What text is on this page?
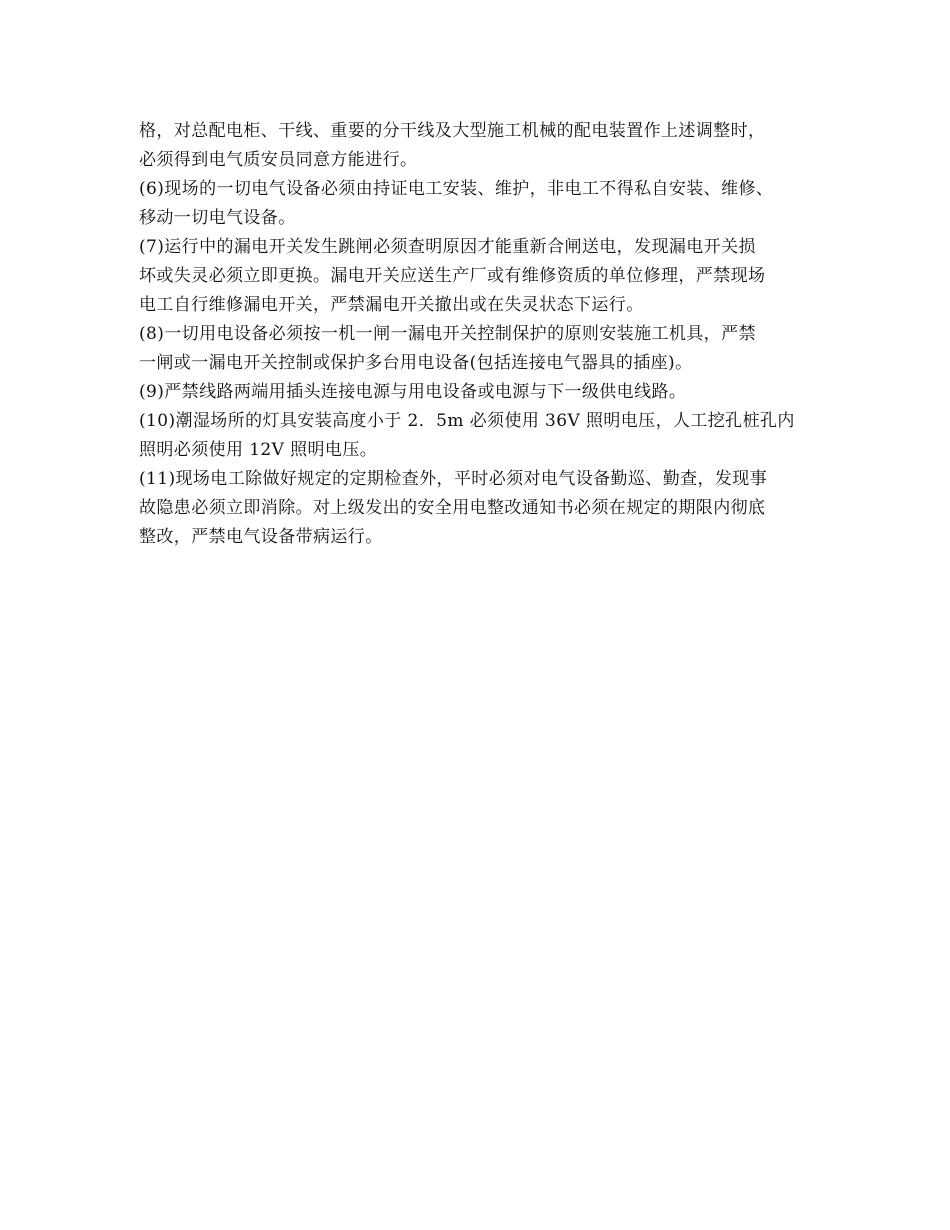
格，对总配电柜、干线、重要的分干线及大型施工机械的配电装置作上述调整时，
必须得到电气质安员同意方能进行。
(6)现场的一切电气设备必须由持证电工安装、维护，非电工不得私自安装、维修、
移动一切电气设备。
(7)运行中的漏电开关发生跳闸必须查明原因才能重新合闸送电，发现漏电开关损
坏或失灵必须立即更换。漏电开关应送生产厂或有维修资质的单位修理，严禁现场
电工自行维修漏电开关，严禁漏电开关撤出或在失灵状态下运行。
(8)一切用电设备必须按一机一闸一漏电开关控制保护的原则安装施工机具，严禁
一闸或一漏电开关控制或保护多台用电设备(包括连接电气器具的插座)。
(9)严禁线路两端用插头连接电源与用电设备或电源与下一级供电线路。
(10)潮湿场所的灯具安装高度小于 2．5m 必须使用 36V 照明电压，人工挖孔桩孔内
照明必须使用 12V 照明电压。
(11)现场电工除做好规定的定期检查外，平时必须对电气设备勤巡、勤查，发现事
故隐患必须立即消除。对上级发出的安全用电整改通知书必须在规定的期限内彻底
整改，严禁电气设备带病运行。
